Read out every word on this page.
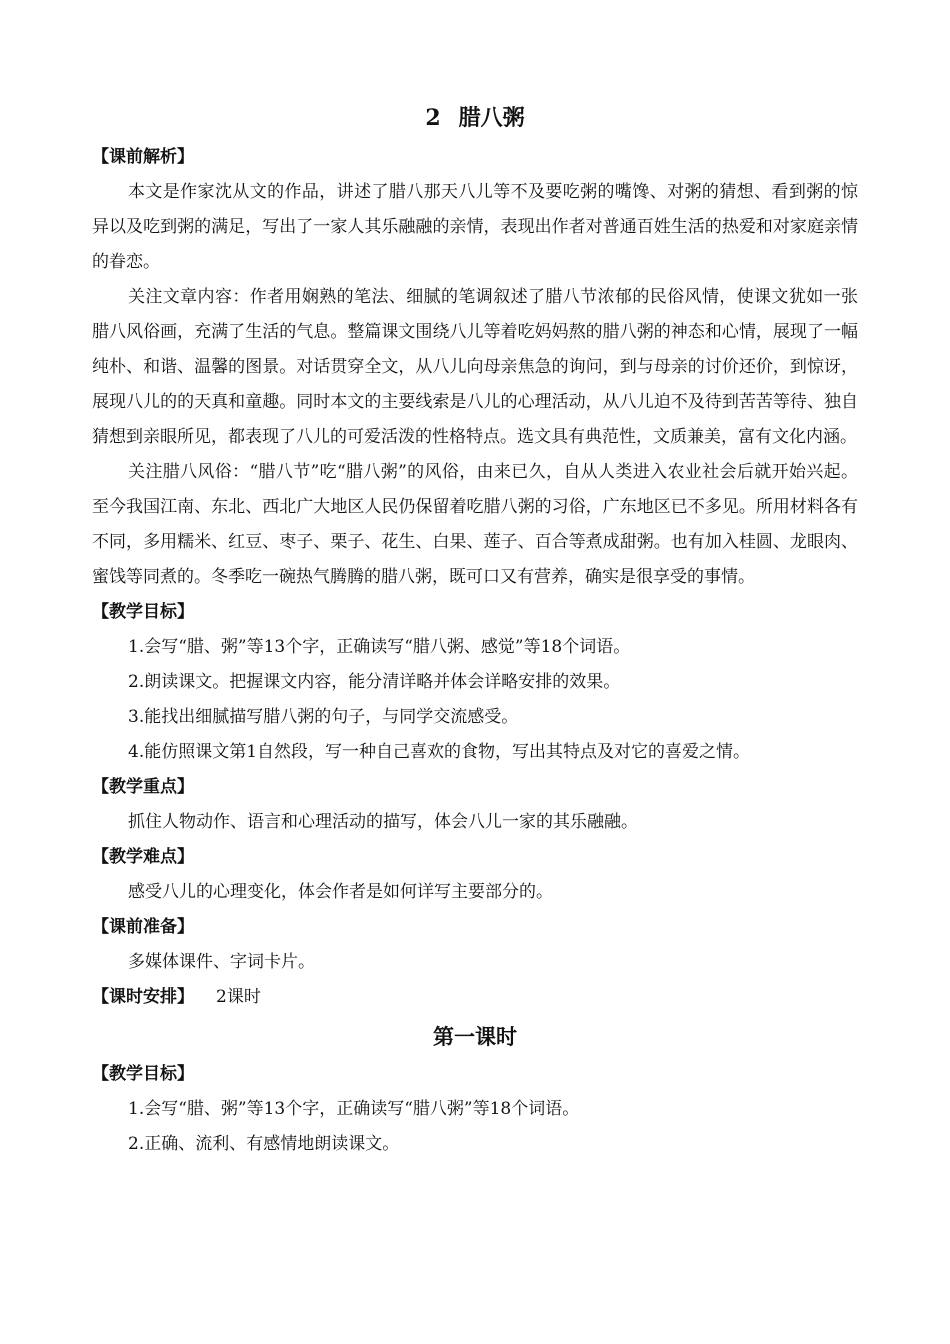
2 腊八粥

【课前解析】

本文是作家沈从文的作品，讲述了腊八那天八儿等不及要吃粥的嘴馋、对粥的猜想、看到粥的惊异以及吃到粥的满足，写出了一家人其乐融融的亲情，表现出作者对普通百姓生活的热爱和对家庭亲情的眷恋。

关注文章内容：作者用娴熟的笔法、细腻的笔调叙述了腊八节浓郁的民俗风情，使课文犹如一张腊八风俗画，充满了生活的气息。整篇课文围绕八儿等着吃妈妈熬的腊八粥的神态和心情，展现了一幅纯朴、和谐、温馨的图景。对话贯穿全文，从八儿向母亲焦急的询问，到与母亲的讨价还价，到惊讶，展现八儿的的天真和童趣。同时本文的主要线索是八儿的心理活动，从八儿迫不及待到苦苦等待、独自猜想到亲眼所见，都表现了八儿的可爱活泼的性格特点。选文具有典范性，文质兼美，富有文化内涵。

关注腊八风俗：“腊八节”吃“腊八粥”的风俗，由来已久，自从人类进入农业社会后就开始兴起。至今我国江南、东北、西北广大地区人民仍保留着吃腊八粥的习俗，广东地区已不多见。所用材料各有不同，多用糯米、红豆、枣子、栗子、花生、白果、莲子、百合等煮成甜粥。也有加入桂圆、龙眼肉、蜜饯等同煮的。冬季吃一碗热气腾腾的腊八粥，既可口又有营养，确实是很享受的事情。

【教学目标】

1.会写“腊、粥”等13个字，正确读写“腊八粥、感觉”等18个词语。

2.朗读课文。把握课文内容，能分清详略并体会详略安排的效果。

3.能找出细腻描写腊八粥的句子，与同学交流感受。

4.能仿照课文第1自然段，写一种自己喜欢的食物，写出其特点及对它的喜爱之情。

【教学重点】

抓住人物动作、语言和心理活动的描写，体会八儿一家的其乐融融。

【教学难点】

感受八儿的心理变化，体会作者是如何详写主要部分的。

【课前准备】

多媒体课件、字词卡片。

【课时安排】 2课时

第一课时

【教学目标】

1.会写“腊、粥”等13个字，正确读写“腊八粥”等18个词语。

2.正确、流利、有感情地朗读课文。
